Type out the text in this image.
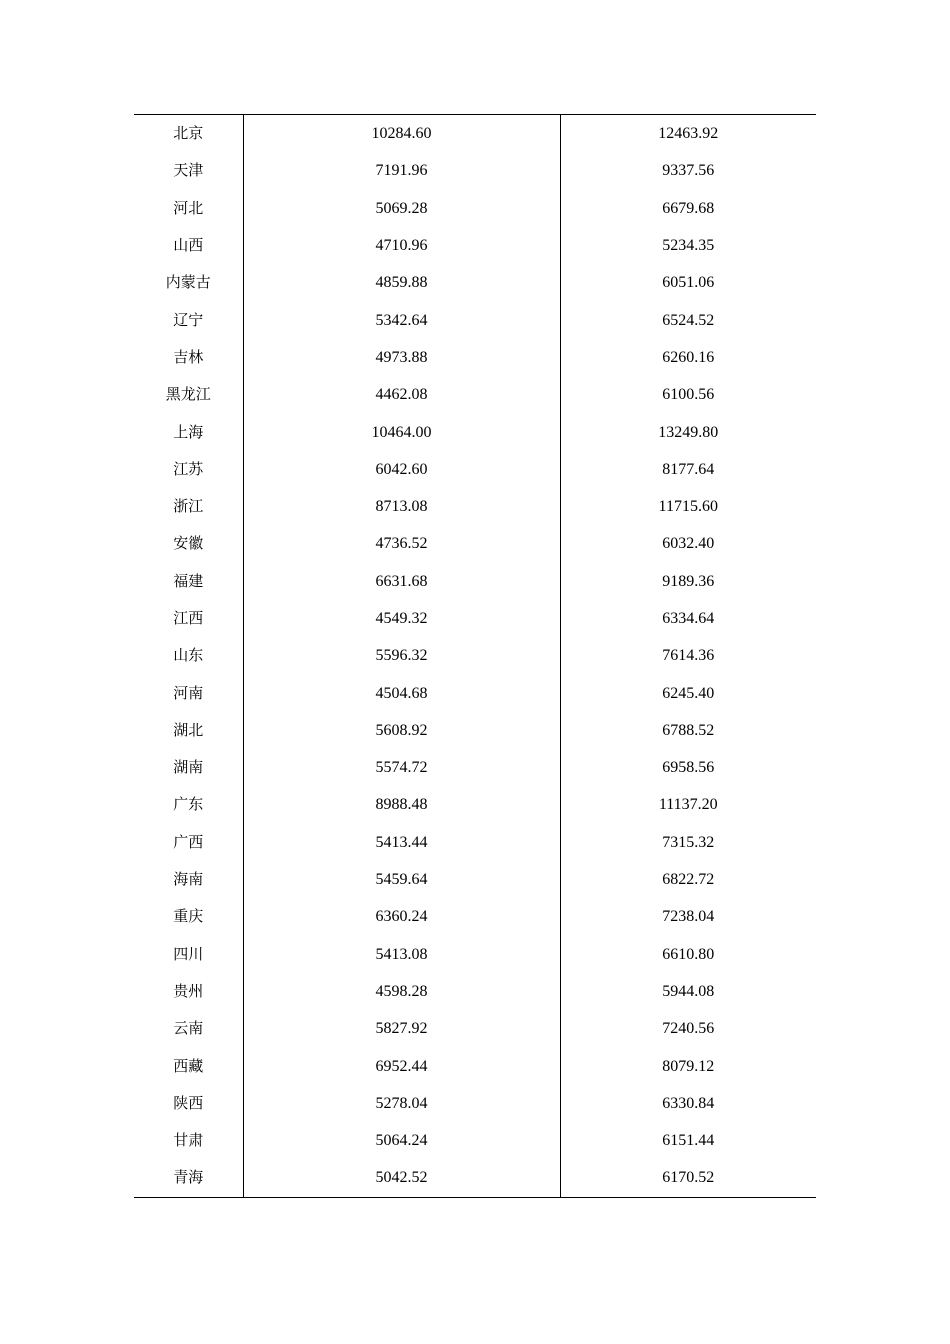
北京	10284.60	12463.92
天津	7191.96	9337.56
河北	5069.28	6679.68
山西	4710.96	5234.35
内蒙古	4859.88	6051.06
辽宁	5342.64	6524.52
吉林	4973.88	6260.16
黑龙江	4462.08	6100.56
上海	10464.00	13249.80
江苏	6042.60	8177.64
浙江	8713.08	11715.60
安徽	4736.52	6032.40
福建	6631.68	9189.36
江西	4549.32	6334.64
山东	5596.32	7614.36
河南	4504.68	6245.40
湖北	5608.92	6788.52
湖南	5574.72	6958.56
广东	8988.48	11137.20
广西	5413.44	7315.32
海南	5459.64	6822.72
重庆	6360.24	7238.04
四川	5413.08	6610.80
贵州	4598.28	5944.08
云南	5827.92	7240.56
西藏	6952.44	8079.12
陕西	5278.04	6330.84
甘肃	5064.24	6151.44
青海	5042.52	6170.52
